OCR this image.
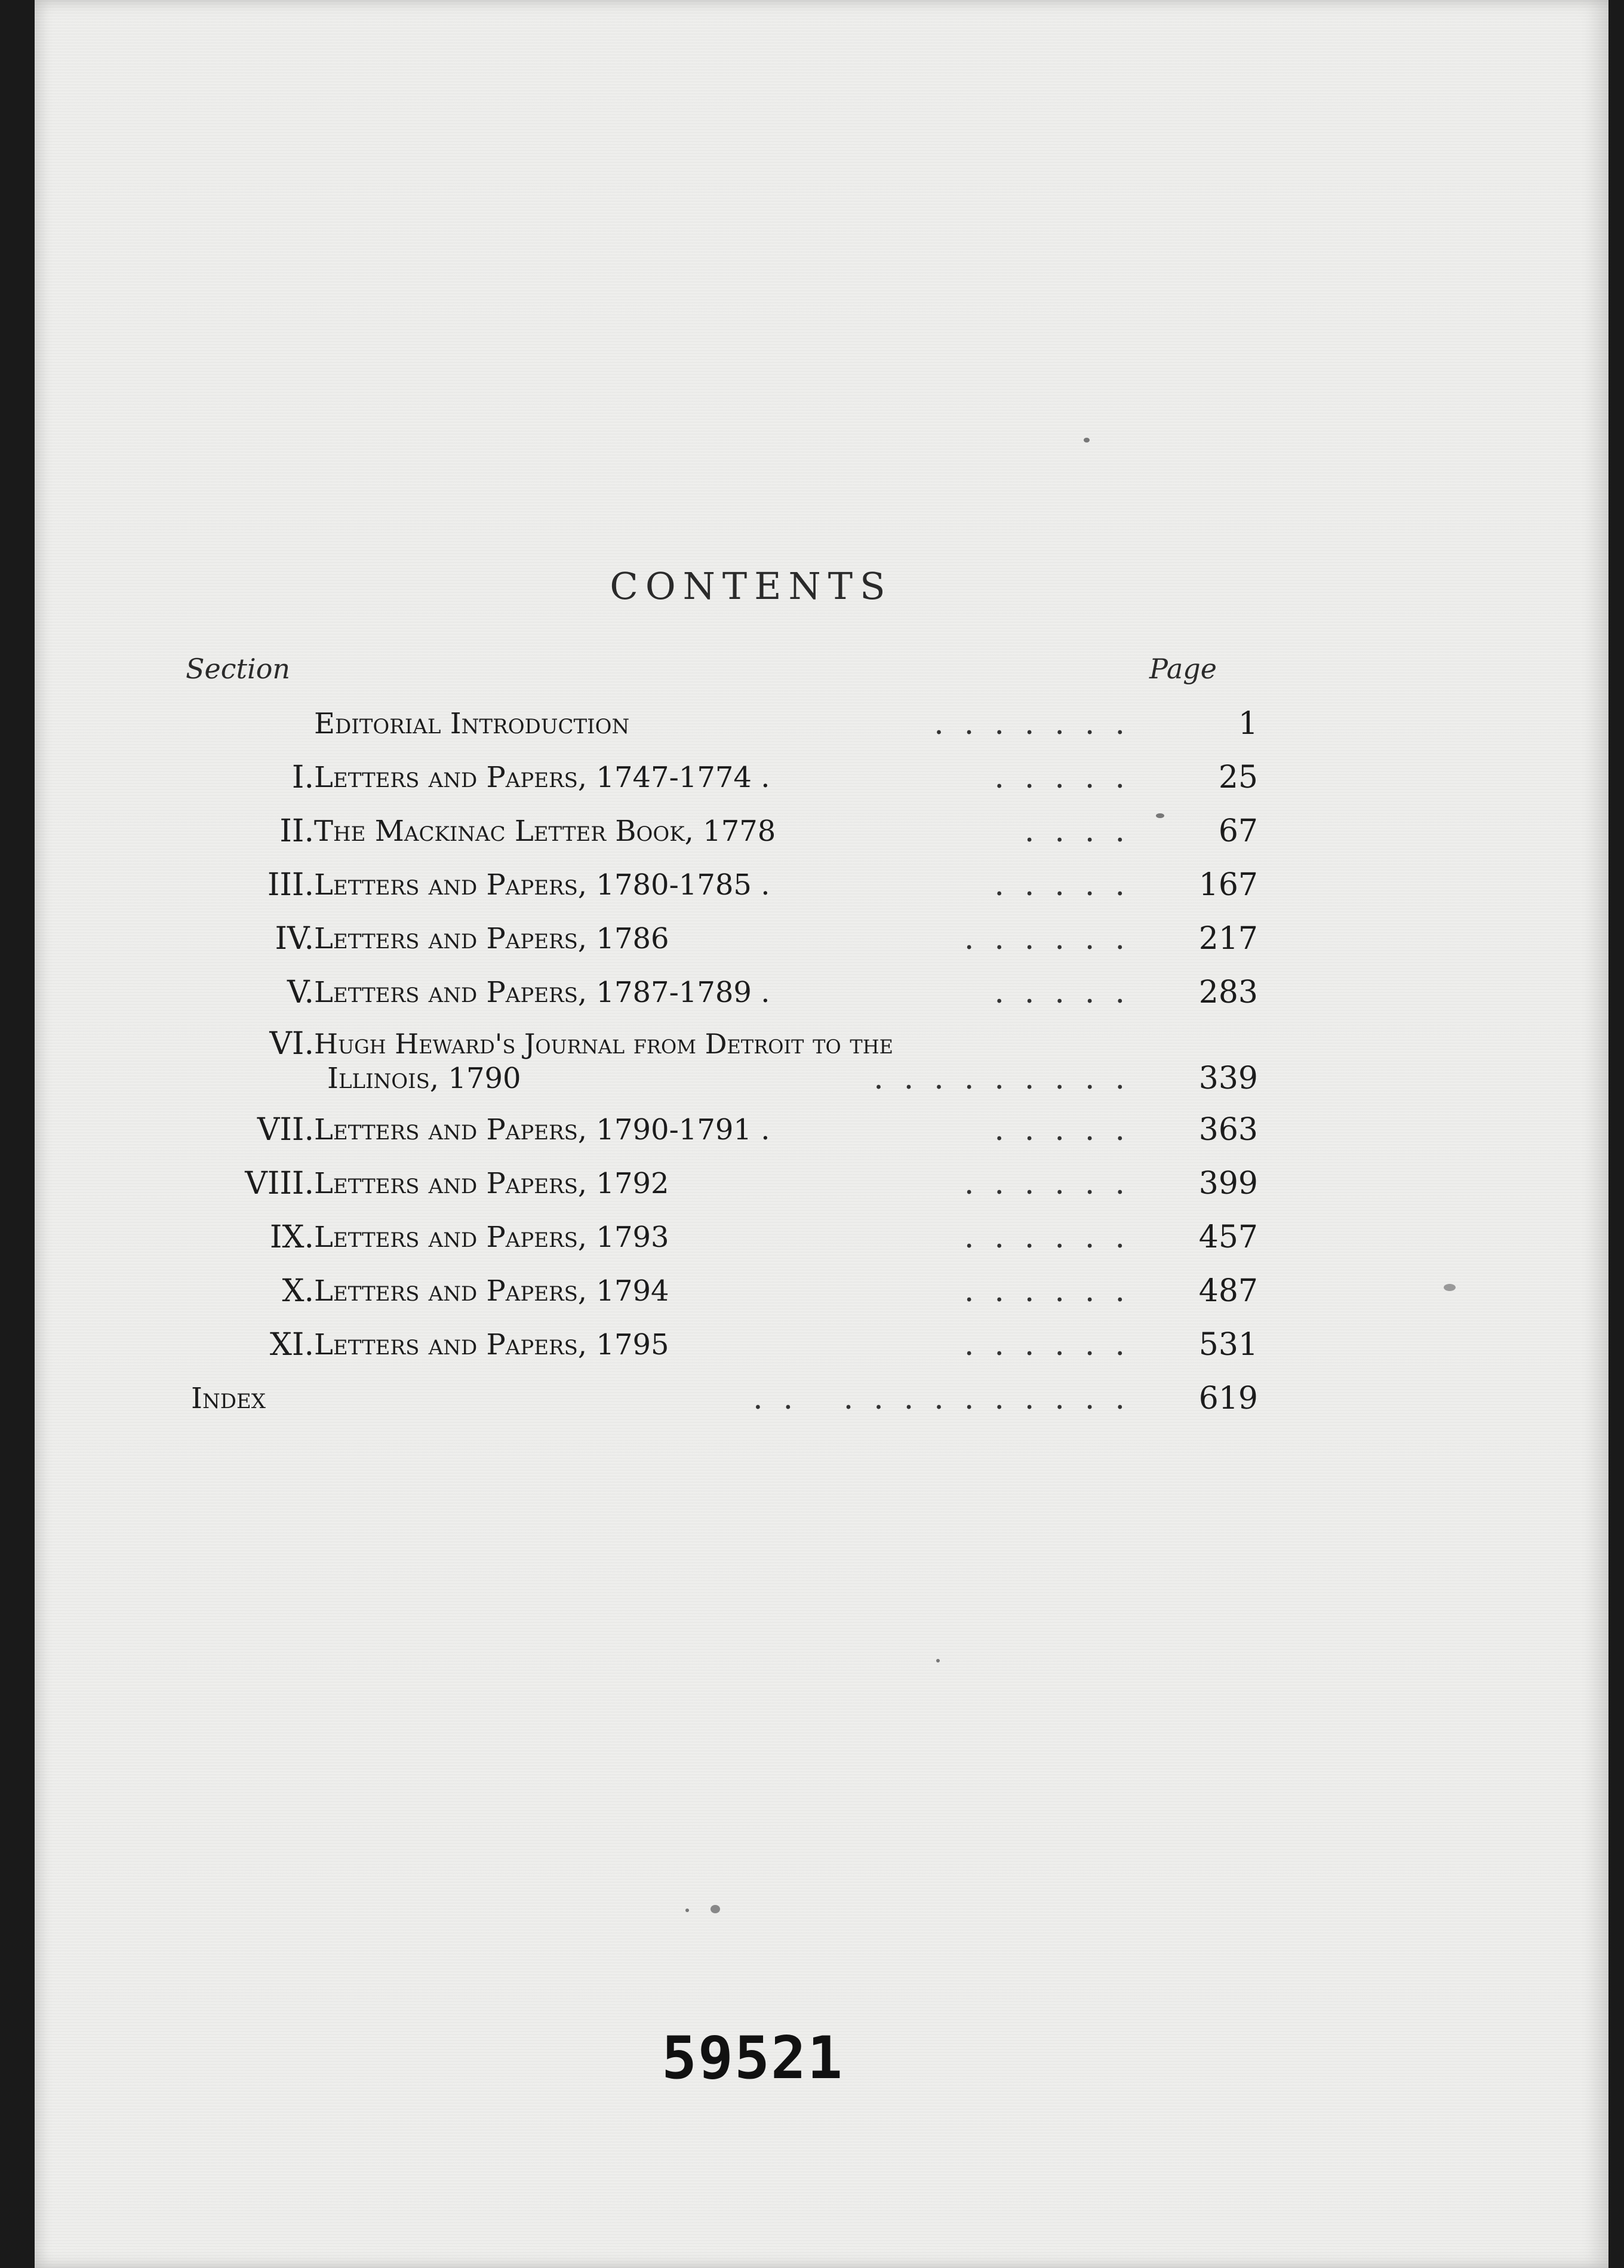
CONTENTS
Section	Page
Editorial Introduction	.......	1
I. Letters and Papers, 1747-1774 .	..... 25
II. The Mackinac Letter Book, 1778	.... 67
III. Letters and Papers, 1780-1785 .	..... 167
IV. Letters and Papers, 1786	...... 217
V. Letters and Papers, 1787-1789 .	..... 283
VI. Hugh Heward's Journal from Detroit to the
Illinois, 1790	......... 339
VII. Letters and Papers, 1790-1791 .	..... 363
VIII. Letters and Papers, 1792	...... 399
IX. Letters and Papers, 1793	...... 457
X. Letters and Papers, 1794	...... 487
XI. Letters and Papers, 1795	...... 531
Index	.. .......... 619
59521
